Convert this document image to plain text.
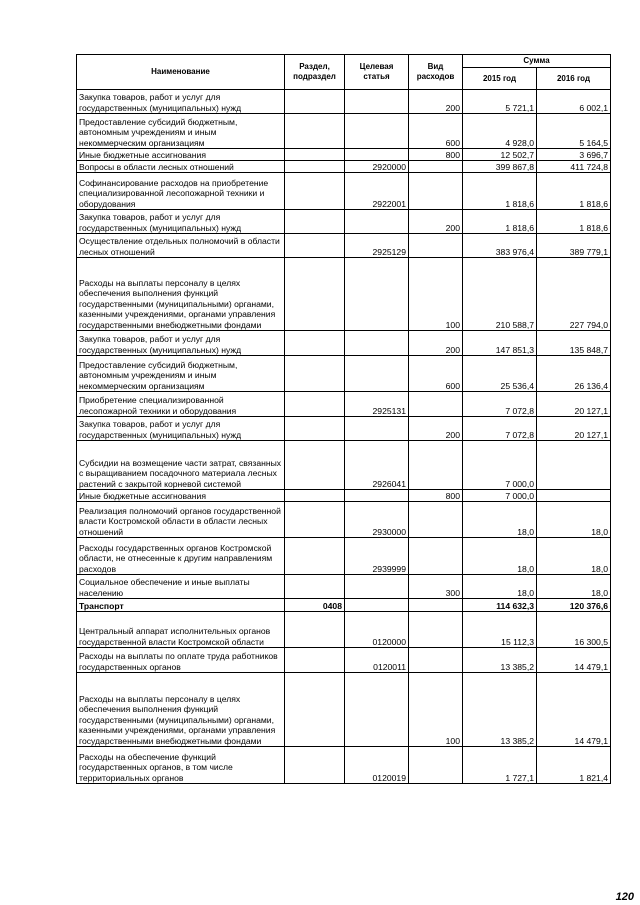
Наименование	Раздел, подраздел	Целевая статья	Вид расходов	Сумма	
				2015 год	2016 год
Закупка товаров, работ и услуг для государственных (муниципальных) нужд			200	5 721,1	6 002,1
Предоставление субсидий бюджетным, автономным учреждениям и иным некоммерческим организациям			600	4 928,0	5 164,5
Иные бюджетные ассигнования			800	12 502,7	3 696,7
Вопросы в области лесных отношений		2920000		399 867,8	411 724,8
Софинансирование расходов на приобретение специализированной лесопожарной техники и оборудования		2922001		1 818,6	1 818,6
Закупка товаров, работ и услуг для государственных (муниципальных) нужд			200	1 818,6	1 818,6
Осуществление отдельных полномочий в области лесных отношений		2925129		383 976,4	389 779,1
Расходы на выплаты персоналу в целях обеспечения выполнения функций государственными (муниципальными) органами, казенными учреждениями, органами управления государственными внебюджетными фондами			100	210 588,7	227 794,0
Закупка товаров, работ и услуг для государственных (муниципальных) нужд			200	147 851,3	135 848,7
Предоставление субсидий бюджетным, автономным учреждениям и иным некоммерческим организациям			600	25 536,4	26 136,4
Приобретение специализированной лесопожарной техники и оборудования		2925131		7 072,8	20 127,1
Закупка товаров, работ и услуг для государственных (муниципальных) нужд			200	7 072,8	20 127,1
Субсидии на возмещение части затрат, связанных с выращиванием посадочного материала лесных растений с закрытой корневой системой		2926041		7 000,0	
Иные бюджетные ассигнования			800	7 000,0	
Реализация полномочий органов государственной власти Костромской области в области лесных отношений		2930000		18,0	18,0
Расходы государственных органов Костромской области, не отнесенные к другим направлениям расходов		2939999		18,0	18,0
Социальное обеспечение и иные выплаты населению			300	18,0	18,0
Транспорт	0408			114 632,3	120 376,6
Центральный аппарат исполнительных органов государственной власти Костромской области		0120000		15 112,3	16 300,5
Расходы на выплаты по оплате труда работников государственных органов		0120011		13 385,2	14 479,1
Расходы на выплаты персоналу в целях обеспечения выполнения функций государственными (муниципальными) органами, казенными учреждениями, органами управления государственными внебюджетными фондами			100	13 385,2	14 479,1
Расходы на обеспечение функций государственных органов, в том числе территориальных органов		0120019		1 727,1	1 821,4
120
